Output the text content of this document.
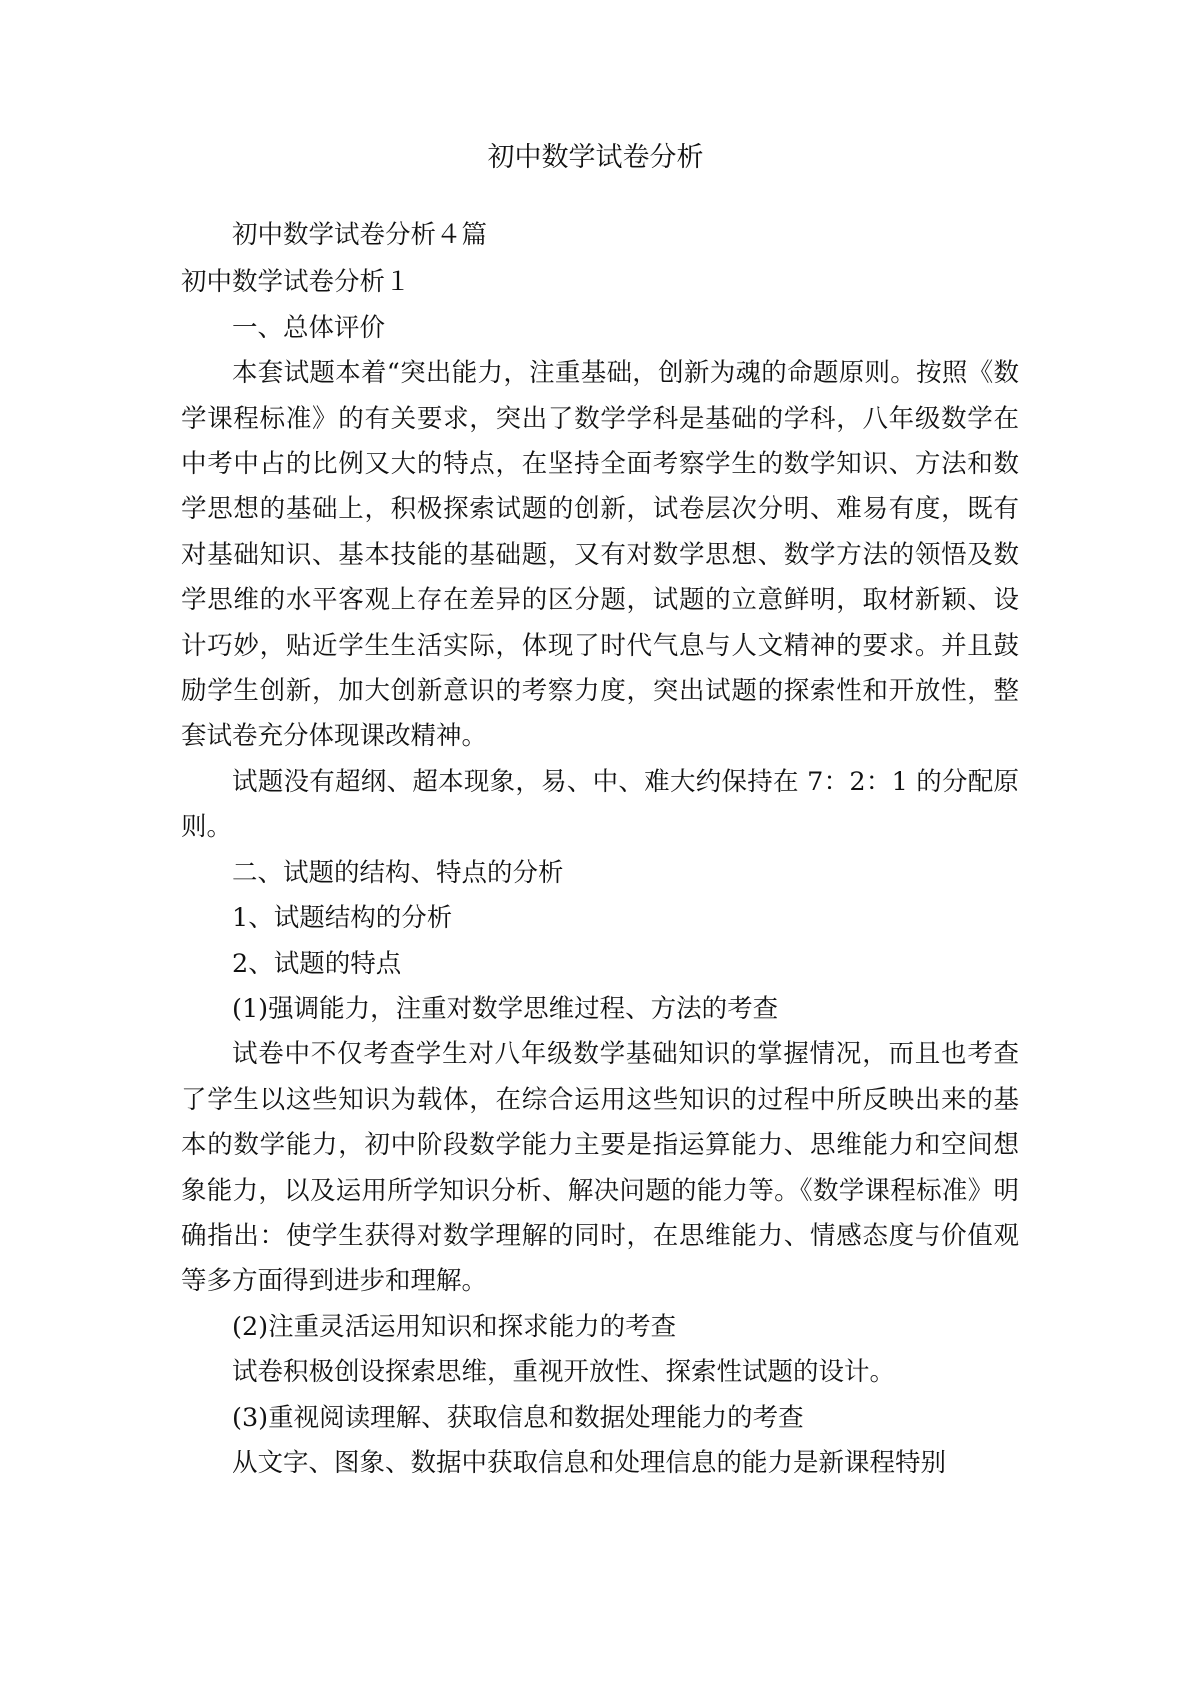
初中数学试卷分析

初中数学试卷分析４篇

初中数学试卷分析１

一、总体评价

本套试题本着“突出能力，注重基础，创新为魂的命题原则。按照《数学课程标准》的有关要求，突出了数学学科是基础的学科，八年级数学在中考中占的比例又大的特点，在坚持全面考察学生的数学知识、方法和数学思想的基础上，积极探索试题的创新，试卷层次分明、难易有度，既有对基础知识、基本技能的基础题，又有对数学思想、数学方法的领悟及数学思维的水平客观上存在差异的区分题，试题的立意鲜明，取材新颖、设计巧妙，贴近学生生活实际，体现了时代气息与人文精神的要求。并且鼓励学生创新，加大创新意识的考察力度，突出试题的探索性和开放性，整套试卷充分体现课改精神。

试题没有超纲、超本现象，易、中、难大约保持在 7：2：1 的分配原则。

二、试题的结构、特点的分析

1、试题结构的分析

2、试题的特点

(1)强调能力，注重对数学思维过程、方法的考查

试卷中不仅考查学生对八年级数学基础知识的掌握情况，而且也考查了学生以这些知识为载体，在综合运用这些知识的过程中所反映出来的基本的数学能力，初中阶段数学能力主要是指运算能力、思维能力和空间想象能力，以及运用所学知识分析、解决问题的能力等。《数学课程标准》明确指出：使学生获得对数学理解的同时，在思维能力、情感态度与价值观等多方面得到进步和理解。

(2)注重灵活运用知识和探求能力的考查

试卷积极创设探索思维，重视开放性、探索性试题的设计。

(3)重视阅读理解、获取信息和数据处理能力的考查

从文字、图象、数据中获取信息和处理信息的能力是新课程特别
